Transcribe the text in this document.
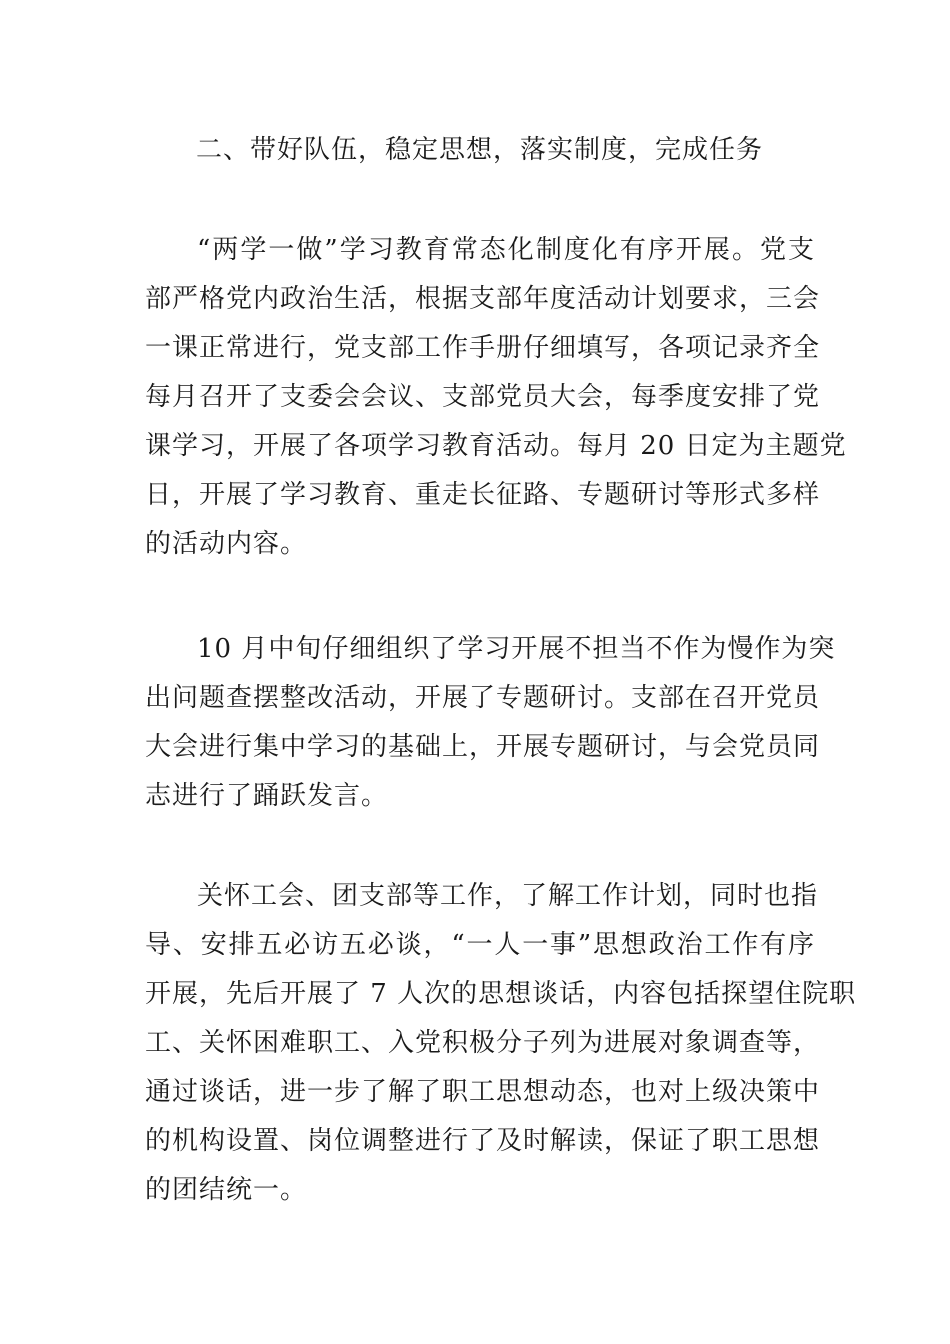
二、带好队伍，稳定思想，落实制度，完成任务
“两学一做”学习教育常态化制度化有序开展。党支
部严格党内政治生活，根据支部年度活动计划要求，三会
一课正常进行，党支部工作手册仔细填写，各项记录齐全
每月召开了支委会会议、支部党员大会，每季度安排了党
课学习，开展了各项学习教育活动。每月 20 日定为主题党
日，开展了学习教育、重走长征路、专题研讨等形式多样
的活动内容。
10 月中旬仔细组织了学习开展不担当不作为慢作为突
出问题查摆整改活动，开展了专题研讨。支部在召开党员
大会进行集中学习的基础上，开展专题研讨，与会党员同
志进行了踊跃发言。
关怀工会、团支部等工作，了解工作计划，同时也指
导、安排五必访五必谈，“一人一事”思想政治工作有序
开展，先后开展了 7 人次的思想谈话，内容包括探望住院职
工、关怀困难职工、入党积极分子列为进展对象调查等，
通过谈话，进一步了解了职工思想动态，也对上级决策中
的机构设置、岗位调整进行了及时解读，保证了职工思想
的团结统一。
